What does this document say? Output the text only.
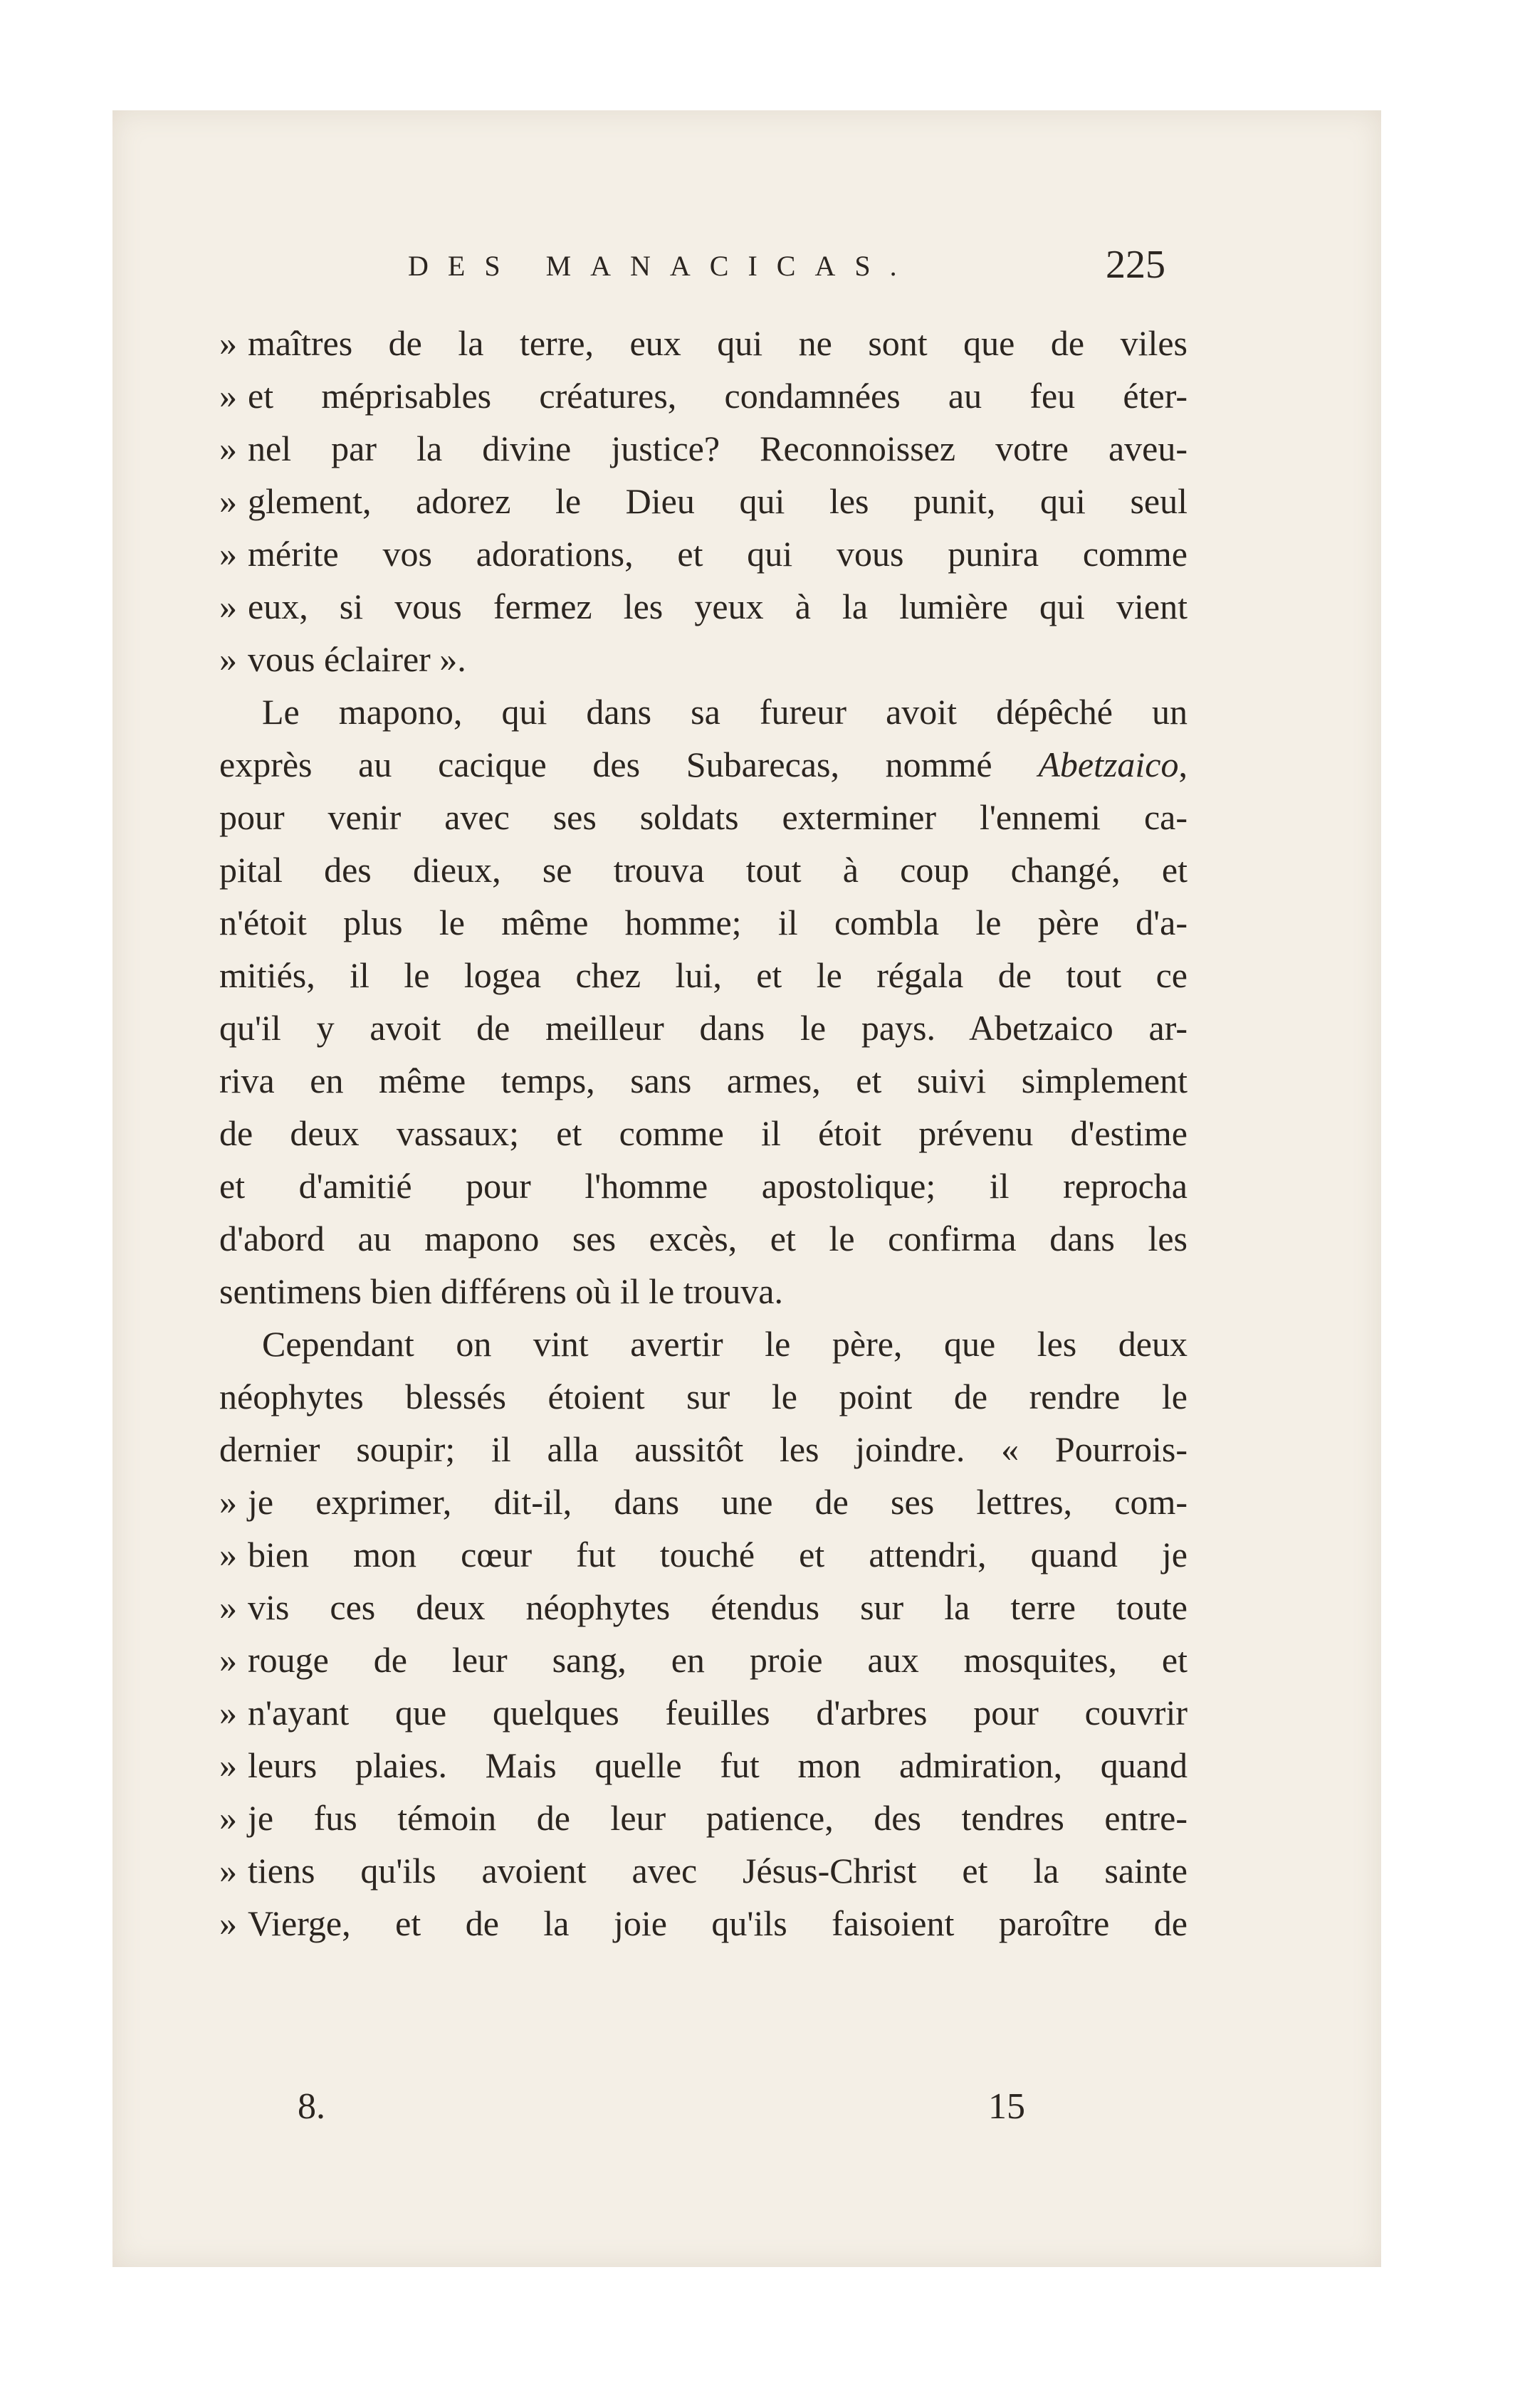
DES MANACICAS.	225
» maîtres de la terre, eux qui ne sont que de viles
» et méprisables créatures, condamnées au feu éter-
» nel par la divine justice? Reconnoissez votre aveu-
» glement, adorez le Dieu qui les punit, qui seul
» mérite vos adorations, et qui vous punira comme
» eux, si vous fermez les yeux à la lumière qui vient
» vous éclairer ».
Le mapono, qui dans sa fureur avoit dépêché un
exprès au cacique des Subarecas, nommé Abetzaico,
pour venir avec ses soldats exterminer l'ennemi ca-
pital des dieux, se trouva tout à coup changé, et
n'étoit plus le même homme; il combla le père d'a-
mitiés, il le logea chez lui, et le régala de tout ce
qu'il y avoit de meilleur dans le pays. Abetzaico ar-
riva en même temps, sans armes, et suivi simplement
de deux vassaux; et comme il étoit prévenu d'estime
et d'amitié pour l'homme apostolique; il reprocha
d'abord au mapono ses excès, et le confirma dans les
sentimens bien différens où il le trouva.
Cependant on vint avertir le père, que les deux
néophytes blessés étoient sur le point de rendre le
dernier soupir; il alla aussitôt les joindre. « Pourrois-
» je exprimer, dit-il, dans une de ses lettres, com-
» bien mon cœur fut touché et attendri, quand je
» vis ces deux néophytes étendus sur la terre toute
» rouge de leur sang, en proie aux mosquites, et
» n'ayant que quelques feuilles d'arbres pour couvrir
» leurs plaies. Mais quelle fut mon admiration, quand
» je fus témoin de leur patience, des tendres entre-
» tiens qu'ils avoient avec Jésus-Christ et la sainte
» Vierge, et de la joie qu'ils faisoient paroître de
8.	15
